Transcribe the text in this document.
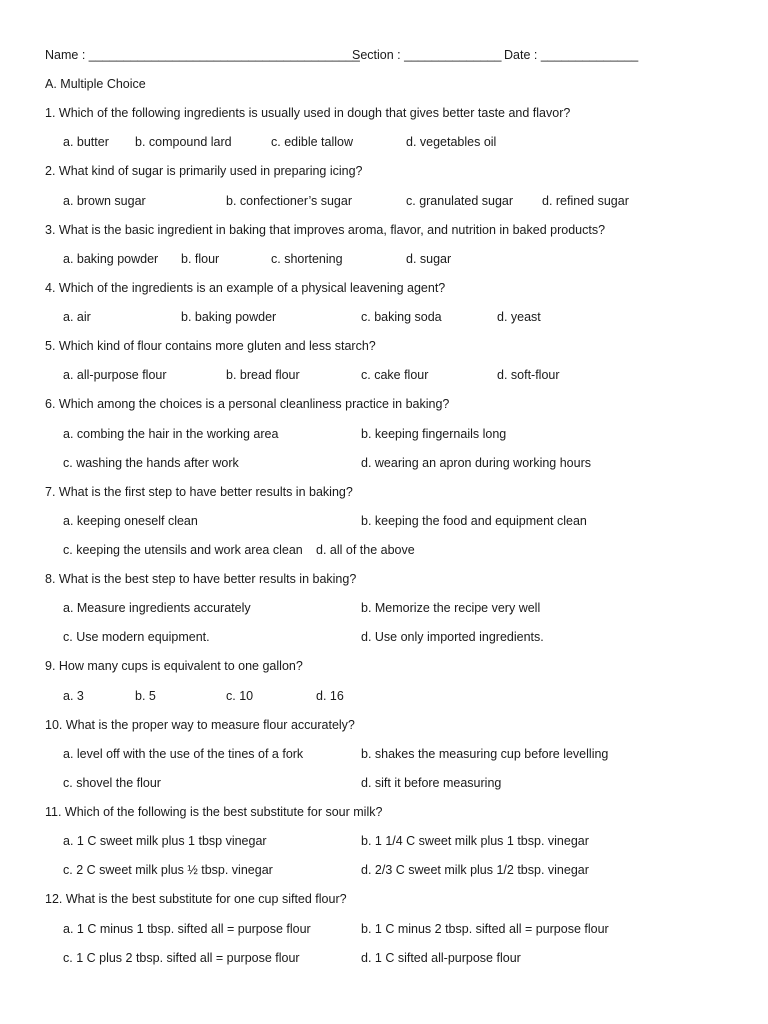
Name : _______________________________________
Section : ______________ Date : ______________
A. Multiple Choice
1. Which of the following ingredients is usually used in dough that gives better taste and flavor?
a. butter b. compound lard	c. edible tallow	d. vegetables oil
2. What kind of sugar is primarily used in preparing icing?
a. brown sugar	b. confectioner’s sugar	c. granulated sugar d. refined sugar
3. What is the basic ingredient in baking that improves aroma, flavor, and nutrition in baked products?
a. baking powder b. flour	c. shortening	d. sugar
4. Which of the ingredients is an example of a physical leavening agent?
a. air	b. baking powder	c. baking soda	d. yeast
5. Which kind of flour contains more gluten and less starch?
a. all-purpose flour	b. bread flour	c. cake flour	d. soft-flour
6. Which among the choices is a personal cleanliness practice in baking?
a. combing the hair in the working area	b. keeping fingernails long
c. washing the hands after work	d. wearing an apron during working hours
7. What is the first step to have better results in baking?
a. keeping oneself clean	b. keeping the food and equipment clean
c. keeping the utensils and work area clean d. all of the above
8. What is the best step to have better results in baking?
a. Measure ingredients accurately	b. Memorize the recipe very well
c. Use modern equipment.	d. Use only imported ingredients.
9. How many cups is equivalent to one gallon?
a. 3	b. 5	c. 10	d. 16
10. What is the proper way to measure flour accurately?
a. level off with the use of the tines of a fork	b. shakes the measuring cup before levelling
c. shovel the flour	d. sift it before measuring
11. Which of the following is the best substitute for sour milk?
a. 1 C sweet milk plus 1 tbsp vinegar	b. 1 1/4 C sweet milk plus 1 tbsp. vinegar
c. 2 C sweet milk plus ½ tbsp. vinegar	d. 2/3 C sweet milk plus 1/2 tbsp. vinegar
12. What is the best substitute for one cup sifted flour?
a. 1 C minus 1 tbsp. sifted all = purpose flour	b. 1 C minus 2 tbsp. sifted all = purpose flour
c. 1 C plus 2 tbsp. sifted all = purpose flour	d. 1 C sifted all-purpose flour
